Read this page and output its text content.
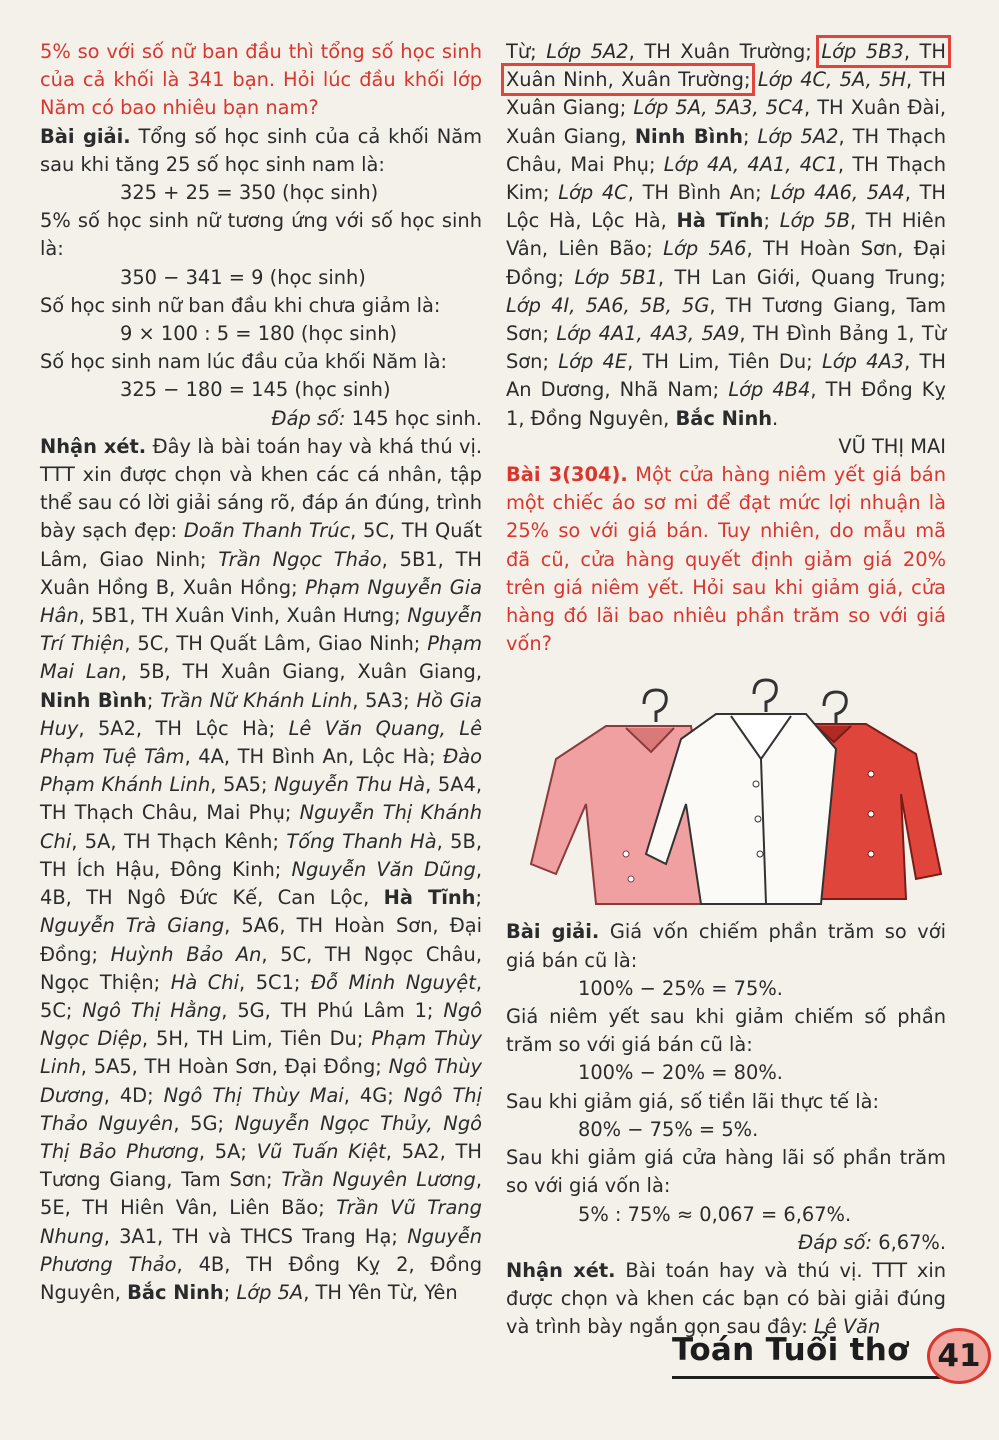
5% so với số nữ ban đầu thì tổng số học sinh của cả khối là 341 bạn. Hỏi lúc đầu khối lớp Năm có bao nhiêu bạn nam?
Bài giải. Tổng số học sinh của cả khối Năm sau khi tăng 25 số học sinh nam là:
325 + 25 = 350 (học sinh)
5% số học sinh nữ tương ứng với số học sinh là:
350 − 341 = 9 (học sinh)
Số học sinh nữ ban đầu khi chưa giảm là:
9 × 100 : 5 = 180 (học sinh)
Số học sinh nam lúc đầu của khối Năm là:
325 − 180 = 145 (học sinh)
Đáp số: 145 học sinh.
Nhận xét. Đây là bài toán hay và khá thú vị. TTT xin được chọn và khen các cá nhân, tập thể sau có lời giải sáng rõ, đáp án đúng, trình bày sạch đẹp: Doãn Thanh Trúc, 5C, TH Quất Lâm, Giao Ninh; Trần Ngọc Thảo, 5B1, TH Xuân Hồng B, Xuân Hồng; Phạm Nguyễn Gia Hân, 5B1, TH Xuân Vinh, Xuân Hưng; Nguyễn Trí Thiện, 5C, TH Quất Lâm, Giao Ninh; Phạm Mai Lan, 5B, TH Xuân Giang, Xuân Giang, Ninh Bình; Trần Nữ Khánh Linh, 5A3; Hồ Gia Huy, 5A2, TH Lộc Hà; Lê Văn Quang, Lê Phạm Tuệ Tâm, 4A, TH Bình An, Lộc Hà; Đào Phạm Khánh Linh, 5A5; Nguyễn Thu Hà, 5A4, TH Thạch Châu, Mai Phụ; Nguyễn Thị Khánh Chi, 5A, TH Thạch Kênh; Tống Thanh Hà, 5B, TH Ích Hậu, Đông Kinh; Nguyễn Văn Dũng, 4B, TH Ngô Đức Kế, Can Lộc, Hà Tĩnh; Nguyễn Trà Giang, 5A6, TH Hoàn Sơn, Đại Đồng; Huỳnh Bảo An, 5C, TH Ngọc Châu, Ngọc Thiện; Hà Chi, 5C1; Đỗ Minh Nguyệt, 5C; Ngô Thị Hằng, 5G, TH Phú Lâm 1; Ngô Ngọc Diệp, 5H, TH Lim, Tiên Du; Phạm Thùy Linh, 5A5, TH Hoàn Sơn, Đại Đồng; Ngô Thùy Dương, 4D; Ngô Thị Thùy Mai, 4G; Ngô Thị Thảo Nguyên, 5G; Nguyễn Ngọc Thủy, Ngô Thị Bảo Phương, 5A; Vũ Tuấn Kiệt, 5A2, TH Tương Giang, Tam Sơn; Trần Nguyên Lương, 5E, TH Hiên Vân, Liên Bão; Trần Vũ Trang Nhung, 3A1, TH và THCS Trang Hạ; Nguyễn Phương Thảo, 4B, TH Đồng Kỵ 2, Đồng Nguyên, Bắc Ninh; Lớp 5A, TH Yên Từ, Yên
Từ; Lớp 5A2, TH Xuân Trường; Lớp 5B3, TH Xuân Ninh, Xuân Trường; Lớp 4C, 5A, 5H, TH Xuân Giang; Lớp 5A, 5A3, 5C4, TH Xuân Đài, Xuân Giang, Ninh Bình; Lớp 5A2, TH Thạch Châu, Mai Phụ; Lớp 4A, 4A1, 4C1, TH Thạch Kim; Lớp 4C, TH Bình An; Lớp 4A6, 5A4, TH Lộc Hà, Lộc Hà, Hà Tĩnh; Lớp 5B, TH Hiên Vân, Liên Bão; Lớp 5A6, TH Hoàn Sơn, Đại Đồng; Lớp 5B1, TH Lan Giới, Quang Trung; Lớp 4I, 5A6, 5B, 5G, TH Tương Giang, Tam Sơn; Lớp 4A1, 4A3, 5A9, TH Đình Bảng 1, Từ Sơn; Lớp 4E, TH Lim, Tiên Du; Lớp 4A3, TH An Dương, Nhã Nam; Lớp 4B4, TH Đồng Kỵ 1, Đồng Nguyên, Bắc Ninh.
VŨ THỊ MAI
Bài 3(304). Một cửa hàng niêm yết giá bán một chiếc áo sơ mi để đạt mức lợi nhuận là 25% so với giá bán. Tuy nhiên, do mẫu mã đã cũ, cửa hàng quyết định giảm giá 20% trên giá niêm yết. Hỏi sau khi giảm giá, cửa hàng đó lãi bao nhiêu phần trăm so với giá vốn?
Bài giải. Giá vốn chiếm phần trăm so với giá bán cũ là:
100% − 25% = 75%.
Giá niêm yết sau khi giảm chiếm số phần trăm so với giá bán cũ là:
100% − 20% = 80%.
Sau khi giảm giá, số tiền lãi thực tế là:
80% − 75% = 5%.
Sau khi giảm giá cửa hàng lãi số phần trăm so với giá vốn là:
5% : 75% ≈ 0,067 = 6,67%.
Đáp số: 6,67%.
Nhận xét. Bài toán hay và thú vị. TTT xin được chọn và khen các bạn có bài giải đúng và trình bày ngắn gọn sau đây: Lê Văn
Toán Tuổi thơ 41
